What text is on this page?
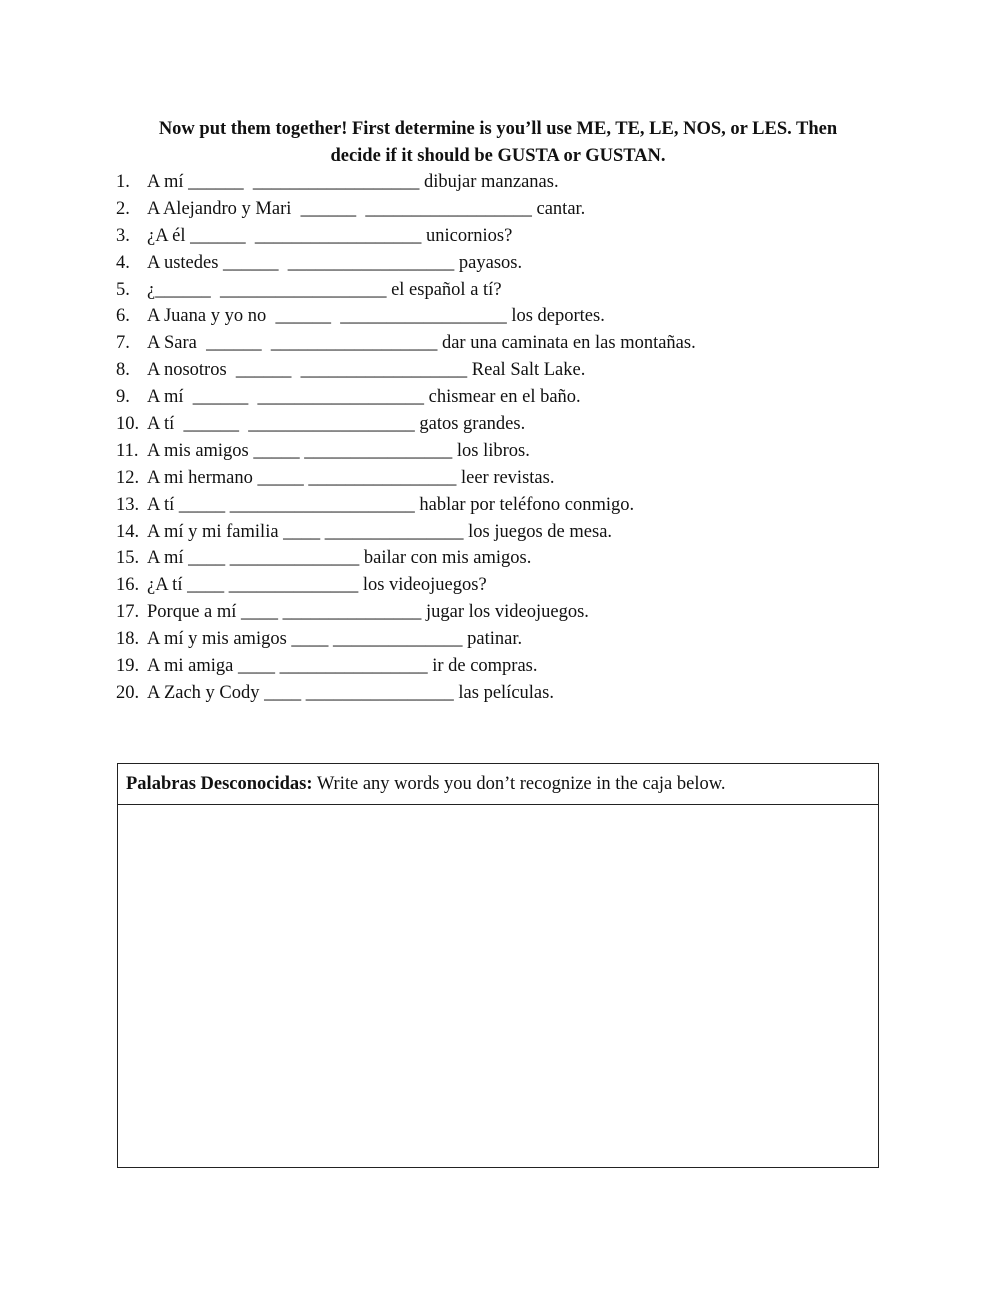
Now put them together! First determine is you’ll use ME, TE, LE, NOS, or LES. Then
decide if it should be GUSTA or GUSTAN.
1. A mí ______  __________________ dibujar manzanas.
2. A Alejandro y Mari  ______  __________________ cantar.
3. ¿A él ______  __________________ unicornios?
4. A ustedes ______  __________________ payasos.
5. ¿______  __________________ el español a tí?
6. A Juana y yo no  ______  __________________ los deportes.
7. A Sara  ______  __________________ dar una caminata en las montañas.
8. A nosotros  ______  __________________ Real Salt Lake.
9. A mí  ______  __________________ chismear en el baño.
10. A tí  ______  __________________ gatos grandes.
11. A mis amigos _____ ________________ los libros.
12. A mi hermano _____ ________________ leer revistas.
13. A tí _____ ____________________ hablar por teléfono conmigo.
14. A mí y mi familia ____ _______________ los juegos de mesa.
15. A mí ____ ______________ bailar con mis amigos.
16. ¿A tí ____ ______________ los videojuegos?
17. Porque a mí ____ _______________ jugar los videojuegos.
18. A mí y mis amigos ____ ______________ patinar.
19. A mi amiga ____ ________________ ir de compras.
20. A Zach y Cody ____ ________________ las películas.
Palabras Desconocidas: Write any words you don’t recognize in the caja below.
